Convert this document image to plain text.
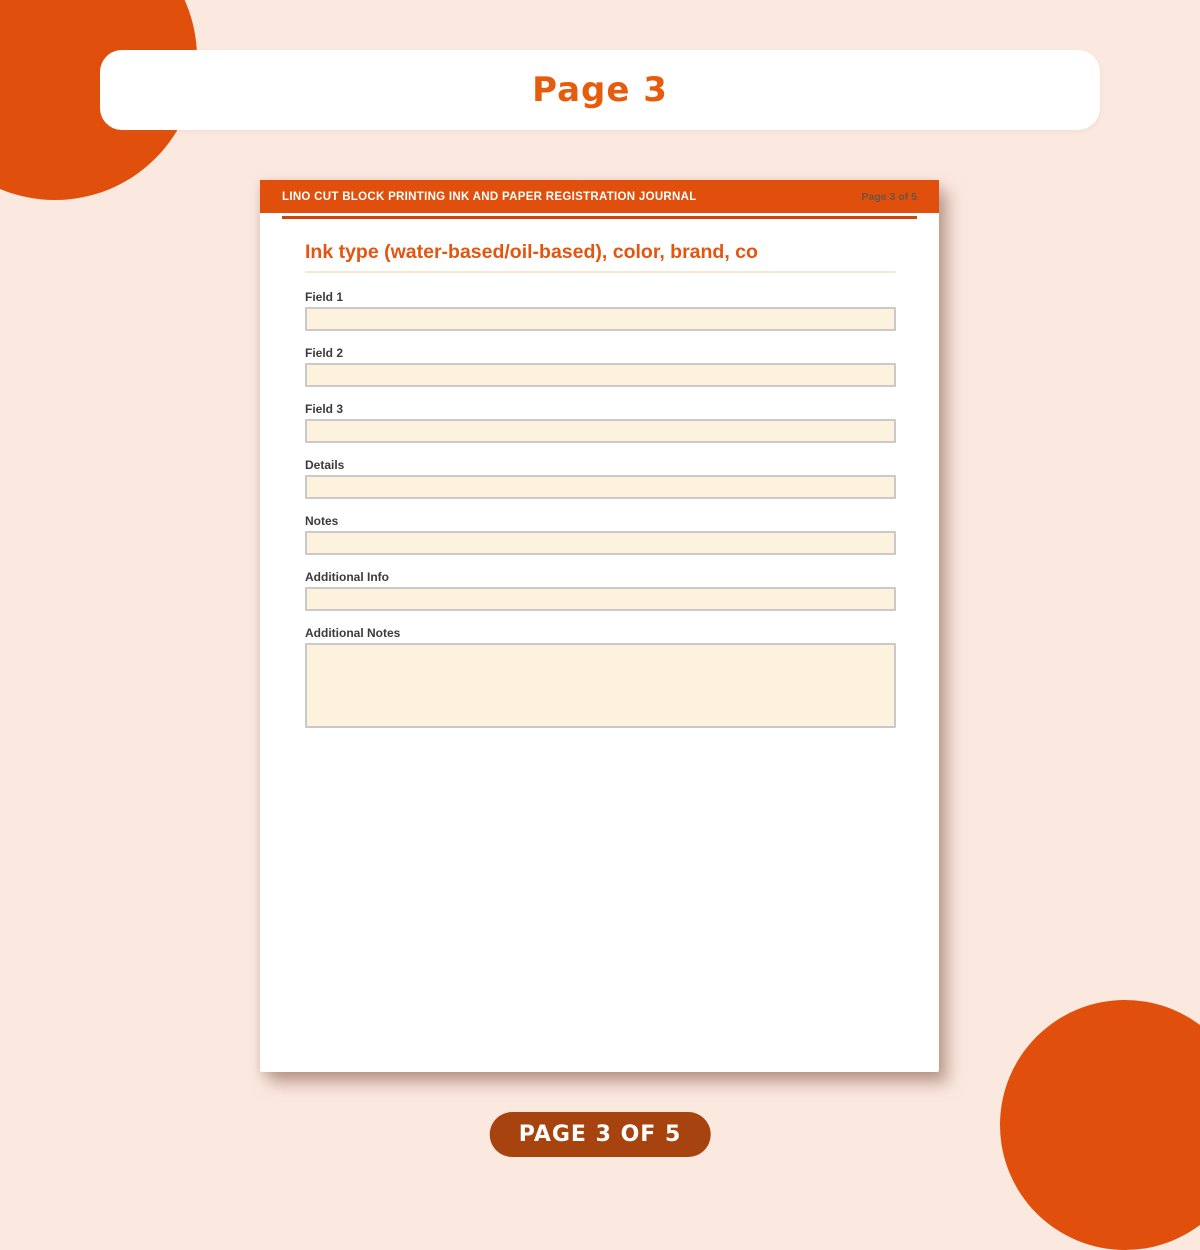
Page 3
LINO CUT BLOCK PRINTING INK AND PAPER REGISTRATION JOURNAL	Page 3 of 5
Ink type (water-based/oil-based), color, brand, co
Field 1
Field 2
Field 3
Details
Notes
Additional Info
Additional Notes
PAGE 3 OF 5
